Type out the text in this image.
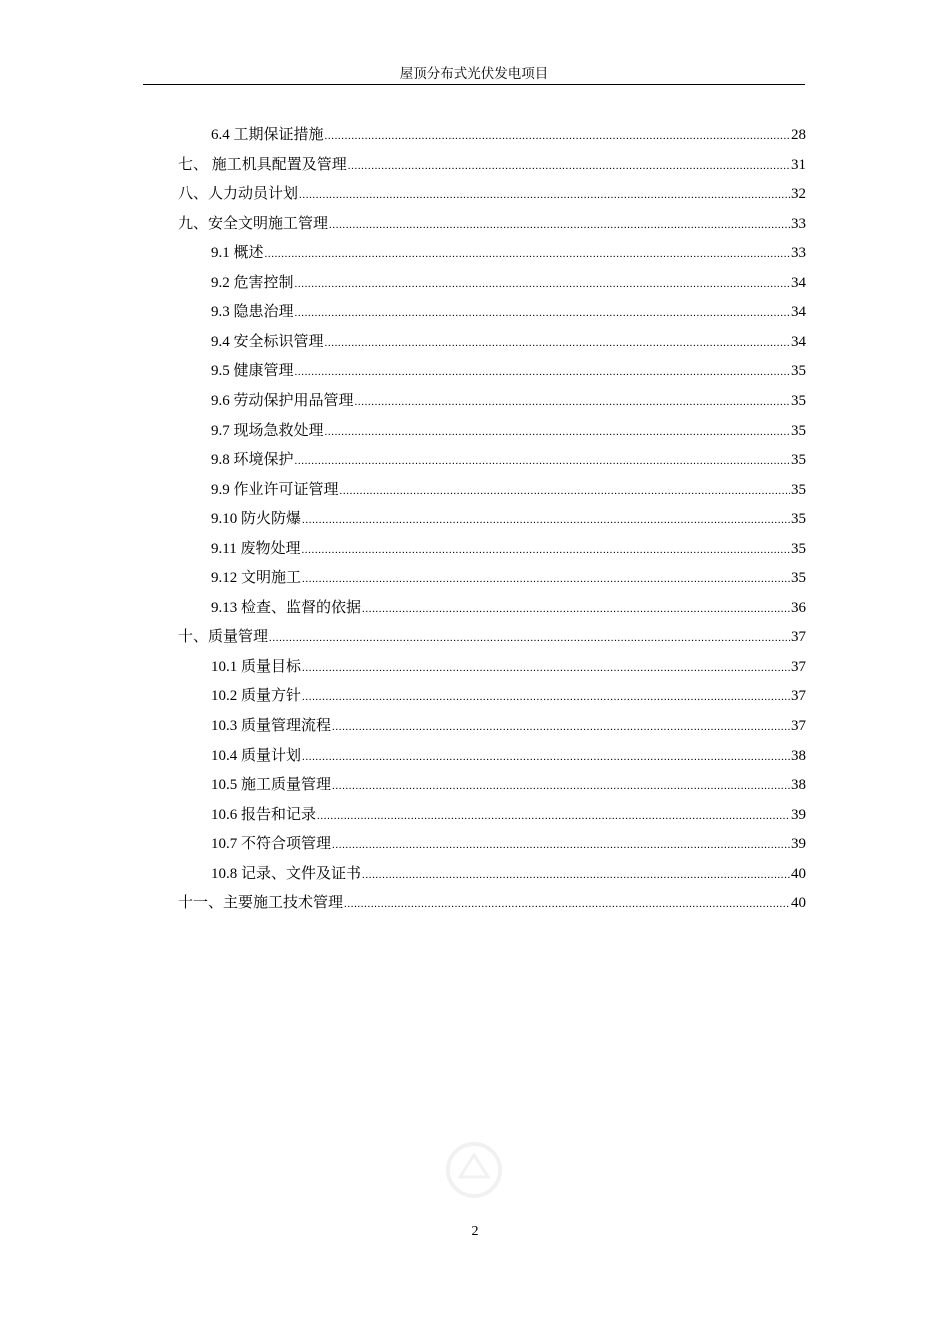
屋顶分布式光伏发电项目
6.4 工期保证措施 .....	28
七、 施工机具配置及管理 .....	31
八、人力动员计划 .....	32
九、安全文明施工管理 .....	33
9.1 概述 .....	33
9.2 危害控制 .....	34
9.3 隐患治理 .....	34
9.4 安全标识管理 .....	34
9.5 健康管理 .....	35
9.6 劳动保护用品管理 .....	35
9.7 现场急救处理 .....	35
9.8 环境保护 .....	35
9.9 作业许可证管理 .....	35
9.10 防火防爆 .....	35
9.11 废物处理 .....	35
9.12 文明施工 .....	35
9.13 检查、监督的依据 .....	36
十、质量管理 .....	37
10.1 质量目标 .....	37
10.2 质量方针 .....	37
10.3 质量管理流程 .....	37
10.4 质量计划 .....	38
10.5 施工质量管理 .....	38
10.6 报告和记录 .....	39
10.7 不符合项管理 .....	39
10.8 记录、文件及证书 .....	40
十一、主要施工技术管理 .....	40
2
